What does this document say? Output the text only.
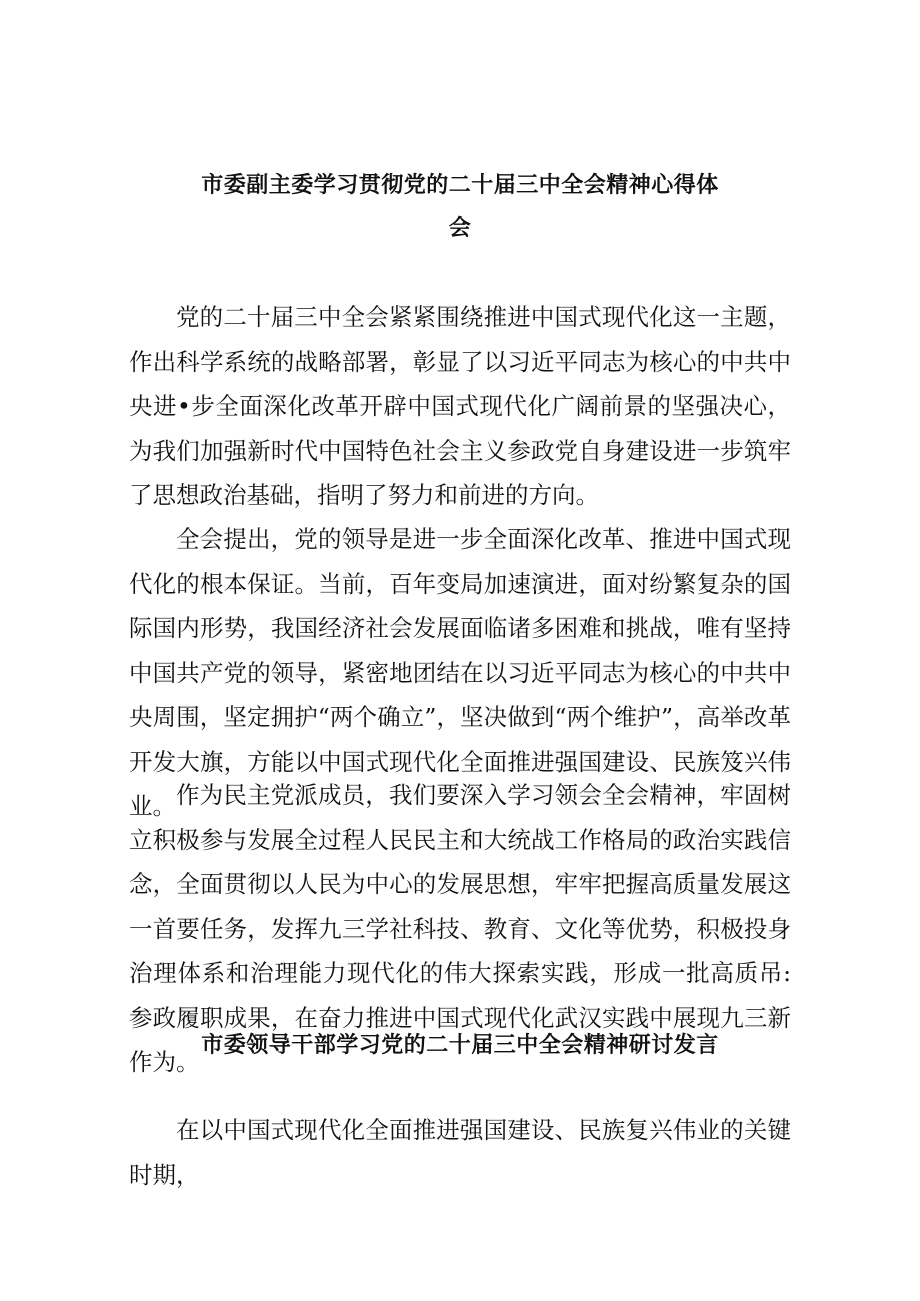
市委副主委学习贯彻党的二十届三中全会精神心得体
会

党的二十届三中全会紧紧围绕推进中国式现代化这一主题，作出科学系统的战略部署，彰显了以习近平同志为核心的中共中央进•步全面深化改革开辟中国式现代化广阔前景的坚强决心，为我们加强新时代中国特色社会主义参政党自身建设进一步筑牢了思想政治基础，指明了努力和前进的方向。

全会提出，党的领导是进一步全面深化改革、推进中国式现代化的根本保证。当前，百年变局加速演进，面对纷繁复杂的国际国内形势，我国经济社会发展面临诸多困难和挑战，唯有坚持中国共产党的领导，紧密地团结在以习近平同志为核心的中共中央周围，坚定拥护“两个确立”，坚决做到“两个维护”，高举改革开发大旗，方能以中国式现代化全面推进强国建设、民族笈兴伟业。 作为民主党派成员，我们要深入学习领会全会精神，牢固树立积极参与发展全过程人民民主和大统战工作格局的政治实践信念，全面贯彻以人民为中心的发展思想，牢牢把握高质量发展这一首要任务，发挥九三学社科技、教育、文化等优势，积极投身治理体系和治理能力现代化的伟大探索实践，形成一批高质吊:参政履职成果，在奋力推进中国式现代化武汉实践中展现九三新作为。

市委领导干部学习党的二十届三中全会精神研讨发言

在以中国式现代化全面推进强国建设、民族复兴伟业的关键时期，
